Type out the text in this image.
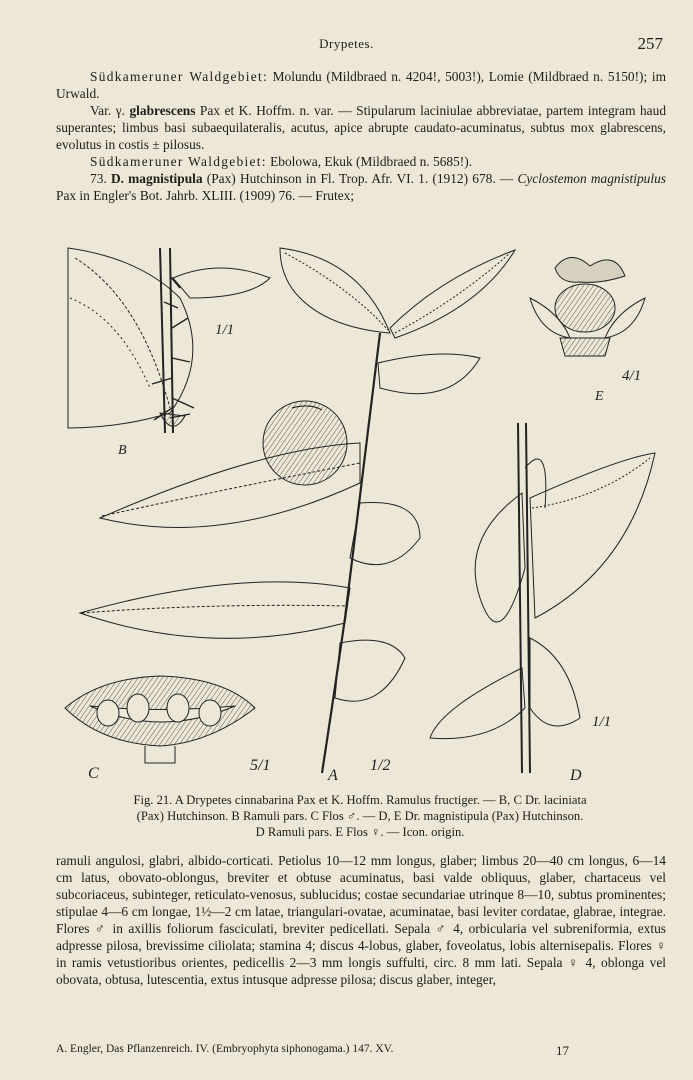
Drypetes.	257

Südkameruner Waldgebiet: Molundu (Mildbraed n. 4204!, 5003!), Lomie (Mildbraed n. 5150!); im Urwald.

Var. γ. glabrescens Pax et K. Hoffm. n. var. — Stipularum laciniulae abbreviatae, partem integram haud superantes; limbus basi subaequilateralis, acutus, apice abrupte caudato-acuminatus, subtus mox glabrescens, evolutus in costis ± pilosus.

Südkameruner Waldgebiet: Ebolowa, Ekuk (Mildbraed n. 5685!).

73. D. magnistipula (Pax) Hutchinson in Fl. Trop. Afr. VI. 1. (1912) 678. — Cyclostemon magnistipulus Pax in Engler's Bot. Jahrb. XLIII. (1909) 76. — Frutex;

B
1/1
A
1/2
E
4/1
C	5/1
D
1/1

Fig. 21. A Drypetes cinnabarina Pax et K. Hoffm. Ramulus fructiger. — B, C Dr. laciniata

(Pax) Hutchinson. B Ramuli pars. C Flos ♂. — D, E Dr. magnistipula (Pax) Hutchinson.

D Ramuli pars. E Flos ♀. — Icon. origin.

ramuli angulosi, glabri, albido-corticati. Petiolus 10—12 mm longus, glaber; limbus 20—40 cm longus, 6—14 cm latus, obovato-oblongus, breviter et obtuse acuminatus, basi valde obliquus, glaber, chartaceus vel subcoriaceus, subinteger, reticulato-venosus, sublucidus; costae secundariae utrinque 8—10, subtus prominentes; stipulae 4—6 cm longae, 1½—2 cm latae, triangulari-ovatae, acuminatae, basi leviter cordatae, glabrae, integrae. Flores ♂ in axillis foliorum fasciculati, breviter pedicellati. Sepala ♂ 4, orbicularia vel subreniformia, extus adpresse pilosa, brevissime ciliolata; stamina 4; discus 4-lobus, glaber, foveolatus, lobis alternisepalis. Flores ♀ in ramis vetustioribus orientes, pedicellis 2—3 mm longis suffulti, circ. 8 mm lati. Sepala ♀ 4, oblonga vel obovata, obtusa, lutescentia, extus intusque adpresse pilosa; discus glaber, integer,

A. Engler, Das Pflanzenreich. IV. (Embryophyta siphonogama.) 147. XV.	17
